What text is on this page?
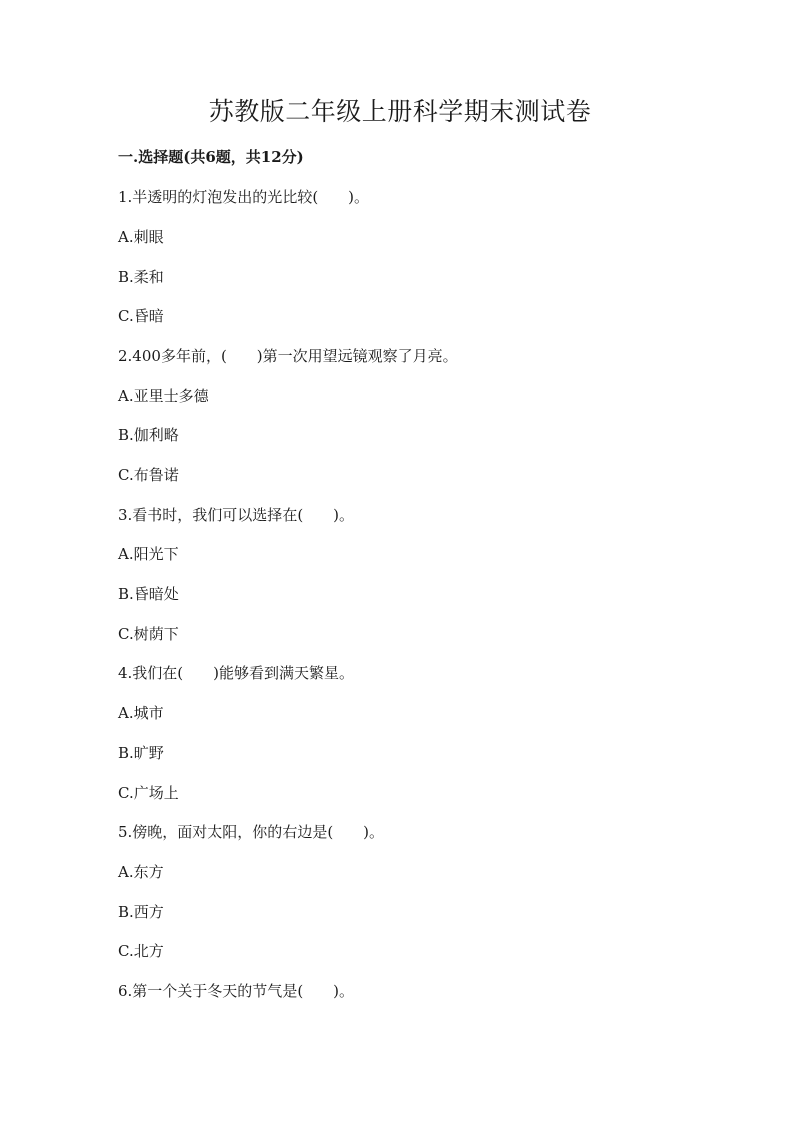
苏教版二年级上册科学期末测试卷
一.选择题(共6题，共12分)
1.半透明的灯泡发出的光比较(　　)。
A.刺眼
B.柔和
C.昏暗
2.400多年前，(　　)第一次用望远镜观察了月亮。
A.亚里士多德
B.伽利略
C.布鲁诺
3.看书时，我们可以选择在(　　)。
A.阳光下
B.昏暗处
C.树荫下
4.我们在(　　)能够看到满天繁星。
A.城市
B.旷野
C.广场上
5.傍晚，面对太阳，你的右边是(　　)。
A.东方
B.西方
C.北方
6.第一个关于冬天的节气是(　　)。
